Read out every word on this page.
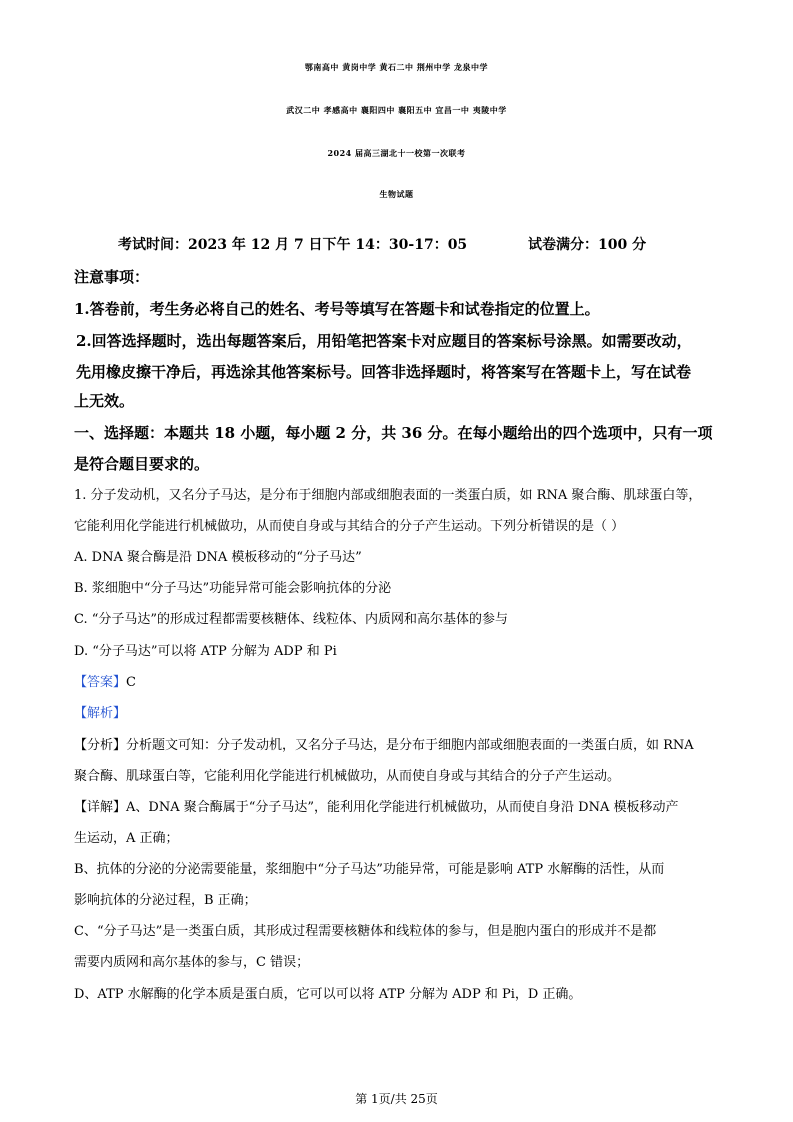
鄂南高中 黄岗中学 黄石二中 荆州中学 龙泉中学
武汉二中 孝感高中 襄阳四中 襄阳五中 宜昌一中 夷陵中学
2024 届高三湖北十一校第一次联考
生物试题
考试时间：2023 年 12 月 7 日下午 14：30-17：05	试卷满分：100 分
注意事项：
1.答卷前，考生务必将自己的姓名、考号等填写在答题卡和试卷指定的位置上。
2.回答选择题时，选出每题答案后，用铅笔把答案卡对应题目的答案标号涂黑。如需要改动，
先用橡皮擦干净后，再选涂其他答案标号。回答非选择题时，将答案写在答题卡上，写在试卷
上无效。
一、选择题：本题共 18 小题，每小题 2 分，共 36 分。在每小题给出的四个选项中，只有一项
是符合题目要求的。
1. 分子发动机，又名分子马达，是分布于细胞内部或细胞表面的一类蛋白质，如 RNA 聚合酶、肌球蛋白等，
它能利用化学能进行机械做功，从而使自身或与其结合的分子产生运动。下列分析错误的是（ ）
A. DNA 聚合酶是沿 DNA 模板移动的“分子马达”
B. 浆细胞中“分子马达”功能异常可能会影响抗体的分泌
C. “分子马达”的形成过程都需要核糖体、线粒体、内质网和高尔基体的参与
D. “分子马达”可以将 ATP 分解为 ADP 和 Pi
【答案】C
【解析】
【分析】分析题文可知：分子发动机，又名分子马达，是分布于细胞内部或细胞表面的一类蛋白质，如 RNA
聚合酶、肌球蛋白等，它能利用化学能进行机械做功，从而使自身或与其结合的分子产生运动。
【详解】A、DNA 聚合酶属于“分子马达”，能利用化学能进行机械做功，从而使自身沿 DNA 模板移动产
生运动，A 正确；
B、抗体的分泌的分泌需要能量，浆细胞中“分子马达”功能异常，可能是影响 ATP 水解酶的活性，从而
影响抗体的分泌过程，B 正确；
C、“分子马达”是一类蛋白质，其形成过程需要核糖体和线粒体的参与，但是胞内蛋白的形成并不是都
需要内质网和高尔基体的参与，C 错误；
D、ATP 水解酶的化学本质是蛋白质，它可以可以将 ATP 分解为 ADP 和 Pi，D 正确。
第 1页/共 25页
